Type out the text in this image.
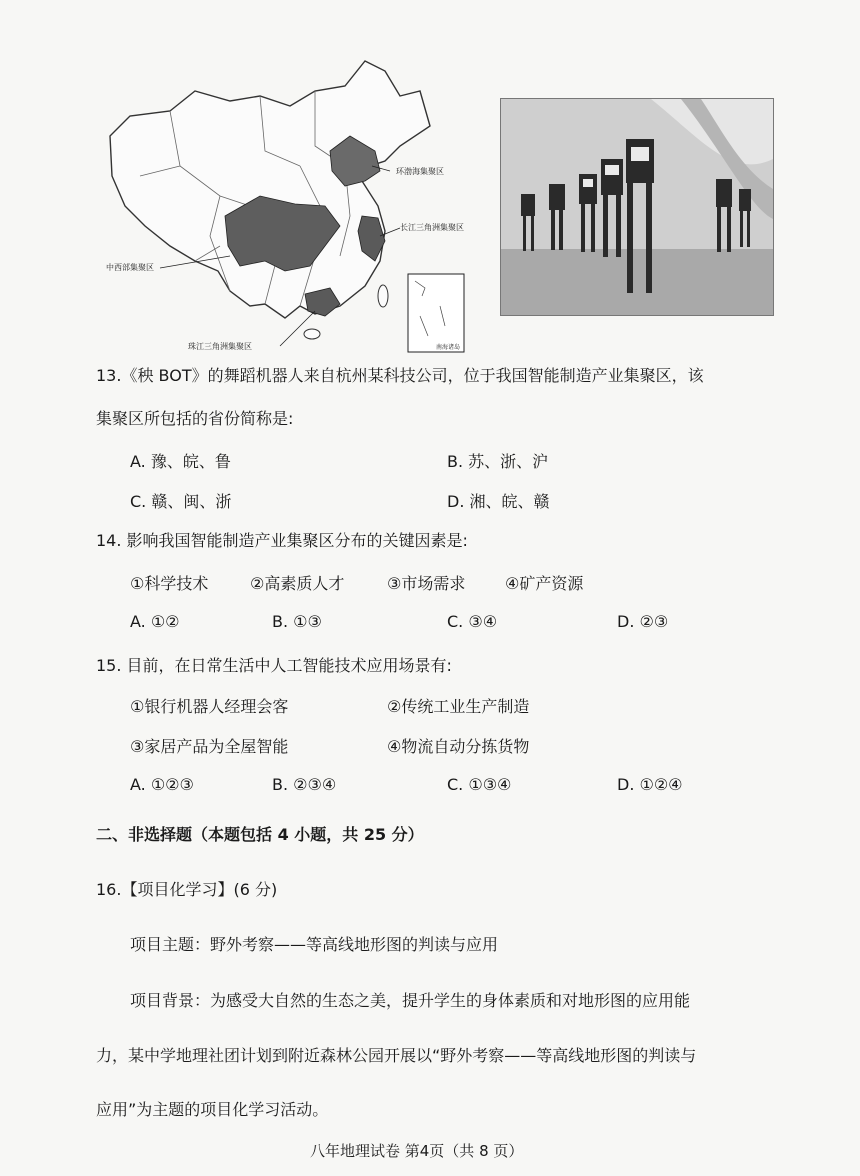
环渤海集聚区
长江三角洲集聚区
中西部集聚区
珠江三角洲集聚区	南海诸岛
13.《秧 BOT》的舞蹈机器人来自杭州某科技公司，位于我国智能制造产业集聚区，该
集聚区所包括的省份简称是:
A. 豫、皖、鲁	B. 苏、浙、沪
C. 赣、闽、浙	D. 湘、皖、赣
14. 影响我国智能制造产业集聚区分布的关键因素是:
①科学技术	②高素质人才	③市场需求 ④矿产资源
A. ①②	B. ①③	C. ③④	D. ②③
15. 目前，在日常生活中人工智能技术应用场景有:
①银行机器人经理会客	②传统工业生产制造
③家居产品为全屋智能	④物流自动分拣货物
A. ①②③	B. ②③④	C. ①③④	D. ①②④
二、非选择题（本题包括 4 小题，共 25 分）
16.【项目化学习】(6 分)
项目主题：野外考察——等高线地形图的判读与应用
项目背景：为感受大自然的生态之美，提升学生的身体素质和对地形图的应用能
力，某中学地理社团计划到附近森林公园开展以“野外考察——等高线地形图的判读与
应用”为主题的项目化学习活动。
八年地理试卷 第4页（共 8 页）
